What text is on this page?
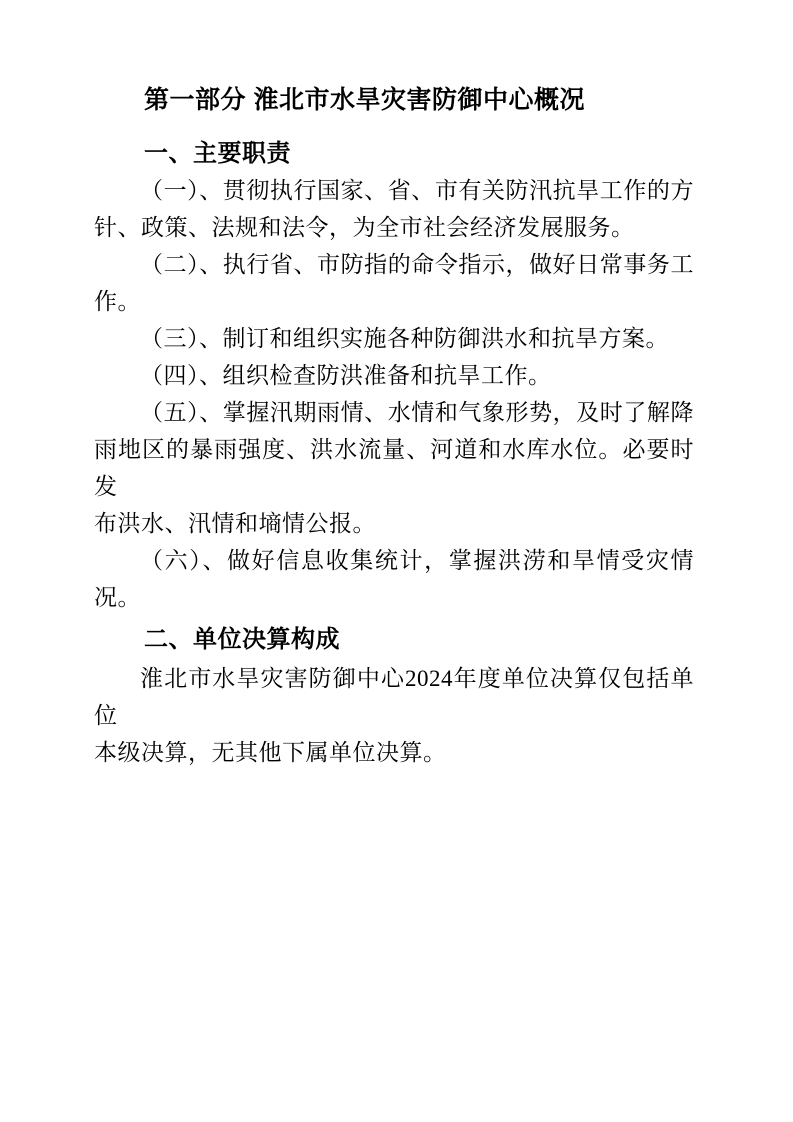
第一部分 淮北市水旱灾害防御中心概况
一、主要职责
（一）、贯彻执行国家、省、市有关防汛抗旱工作的方
针、政策、法规和法令，为全市社会经济发展服务。
（二）、执行省、市防指的命令指示，做好日常事务工
作。
（三）、制订和组织实施各种防御洪水和抗旱方案。
（四）、组织检查防洪准备和抗旱工作。
（五）、掌握汛期雨情、水情和气象形势，及时了解降
雨地区的暴雨强度、洪水流量、河道和水库水位。必要时发
布洪水、汛情和墒情公报。
（六）、做好信息收集统计，掌握洪涝和旱情受灾情
况。
二、单位决算构成
淮北市水旱灾害防御中心2024年度单位决算仅包括单位
本级决算，无其他下属单位决算。
